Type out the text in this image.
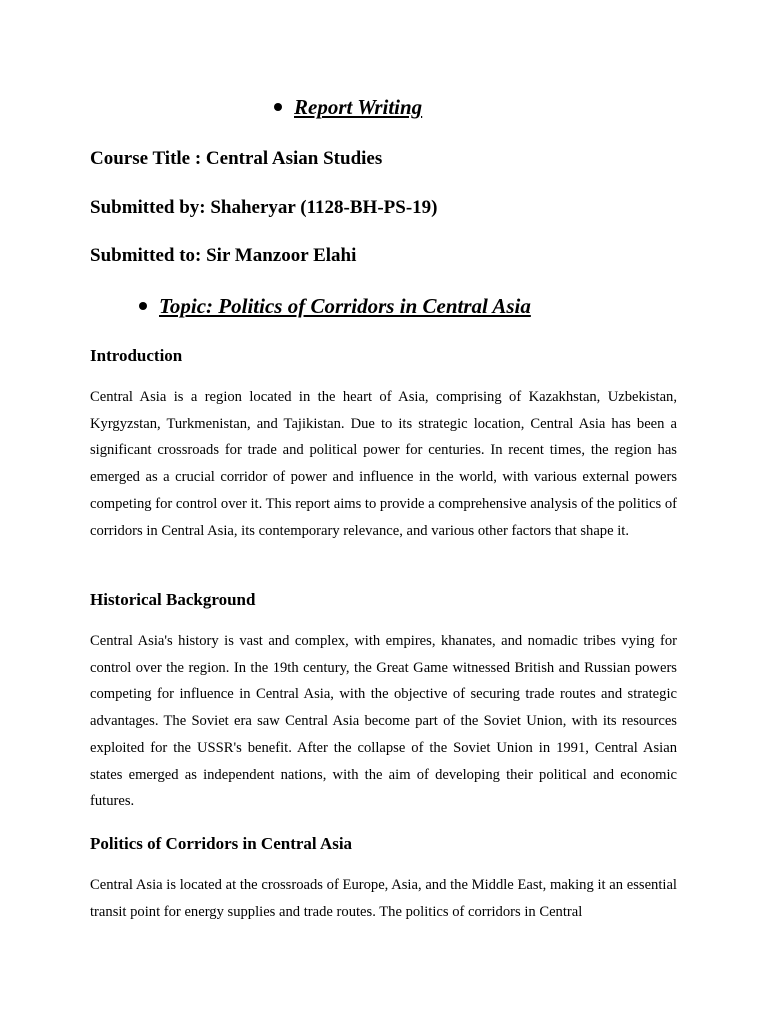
Report Writing
Course Title : Central Asian Studies
Submitted by: Shaheryar (1128-BH-PS-19)
Submitted to: Sir Manzoor Elahi
Topic: Politics of Corridors in Central Asia
Introduction
Central Asia is a region located in the heart of Asia, comprising of Kazakhstan, Uzbekistan, Kyrgyzstan, Turkmenistan, and Tajikistan. Due to its strategic location, Central Asia has been a significant crossroads for trade and political power for centuries. In recent times, the region has emerged as a crucial corridor of power and influence in the world, with various external powers competing for control over it. This report aims to provide a comprehensive analysis of the politics of corridors in Central Asia, its contemporary relevance, and various other factors that shape it.
Historical Background
Central Asia's history is vast and complex, with empires, khanates, and nomadic tribes vying for control over the region. In the 19th century, the Great Game witnessed British and Russian powers competing for influence in Central Asia, with the objective of securing trade routes and strategic advantages. The Soviet era saw Central Asia become part of the Soviet Union, with its resources exploited for the USSR's benefit. After the collapse of the Soviet Union in 1991, Central Asian states emerged as independent nations, with the aim of developing their political and economic futures.
Politics of Corridors in Central Asia
Central Asia is located at the crossroads of Europe, Asia, and the Middle East, making it an essential transit point for energy supplies and trade routes. The politics of corridors in Central
